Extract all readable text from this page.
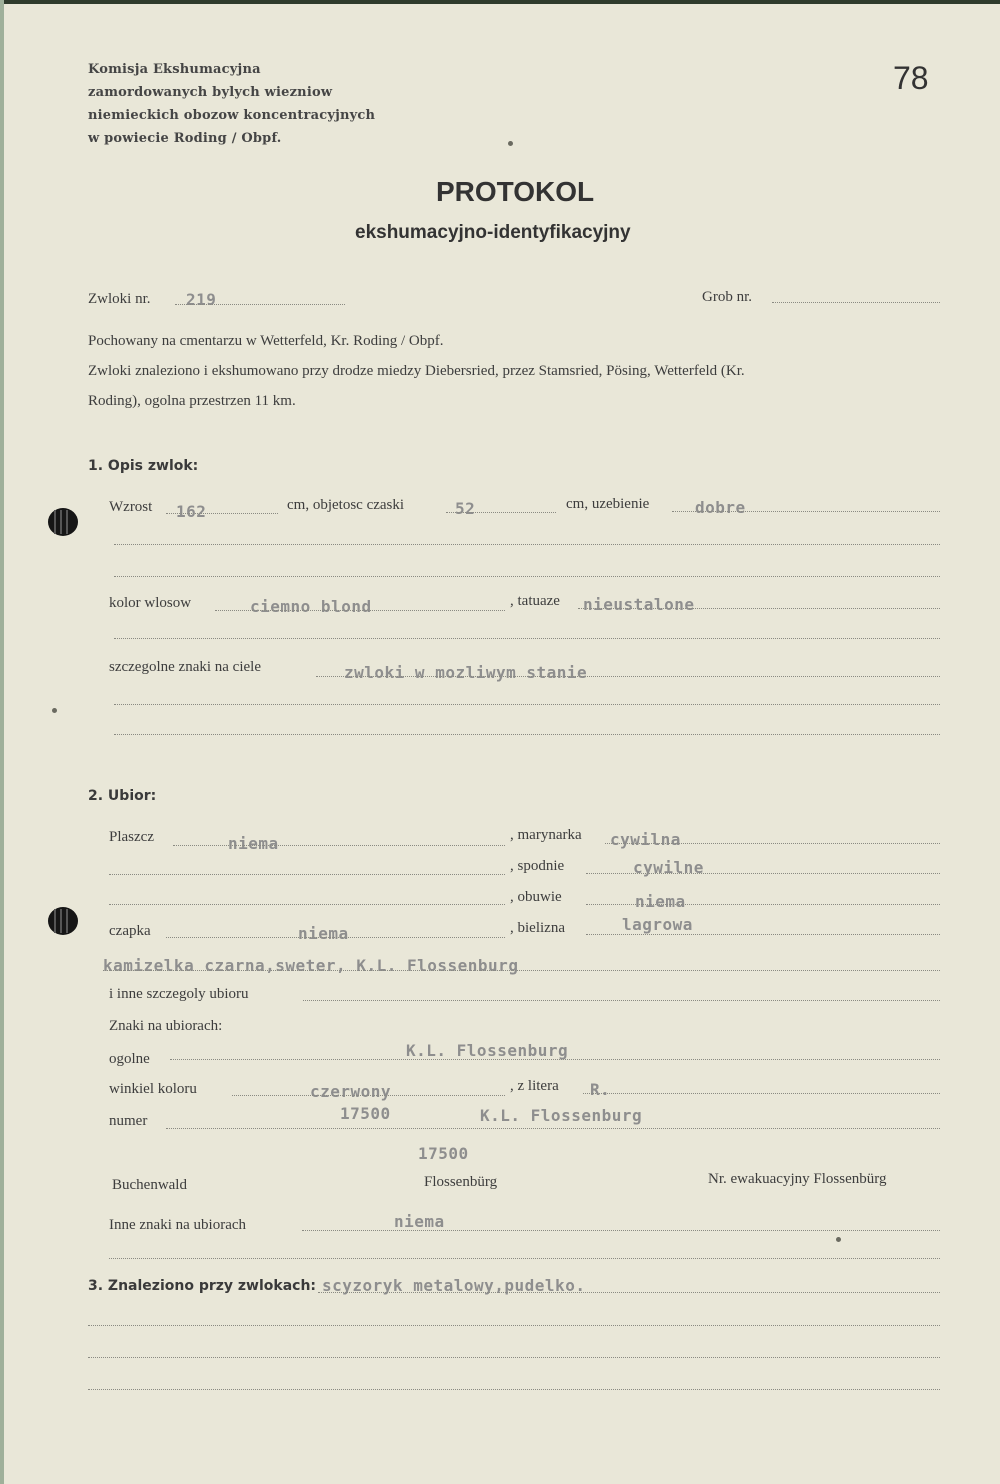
Komisja Ekshumacyjna
zamordowanych bylych wiezniow
niemieckich obozow koncentracyjnych
w powiecie Roding / Obpf.
78
PROTOKOL
ekshumacyjno-identyfikacyjny
Zwloki nr. 219	Grob nr.
Pochowany na cmentarzu w Wetterfeld, Kr. Roding / Obpf.
Zwloki znaleziono i ekshumowano przy drodze miedzy Diebersried, przez Stamsried, Pösing, Wetterfeld (Kr.
Roding), ogolna przestrzen 11 km.
1. Opis zwlok:
Wzrost 162	cm, objetosc czaski	52	cm, uzebienie	dobre
kolor wlosow	ciemno blond	, tatuaze nieustalone
szczegolne znaki na ciele	zwloki w mozliwym stanie
2. Ubior:
Plaszcz	niema	, marynarka cywilna
, spodnie	cywilne
, obuwie	niema
czapka	niema	, bielizna	lagrowa
kamizelka czarna,sweter, K.L. Flossenburg
i inne szczegoly ubioru
Znaki na ubiorach:
ogolne	K.L. Flossenburg
winkiel koloru	czerwony	, z litera R.
numer	17500	K.L. Flossenburg
17500
Buchenwald	Flossenbürg	Nr. ewakuacyjny Flossenbürg
Inne znaki na ubiorach	niema
3. Znaleziono przy zwlokach: scyzoryk metalowy,pudelko.
